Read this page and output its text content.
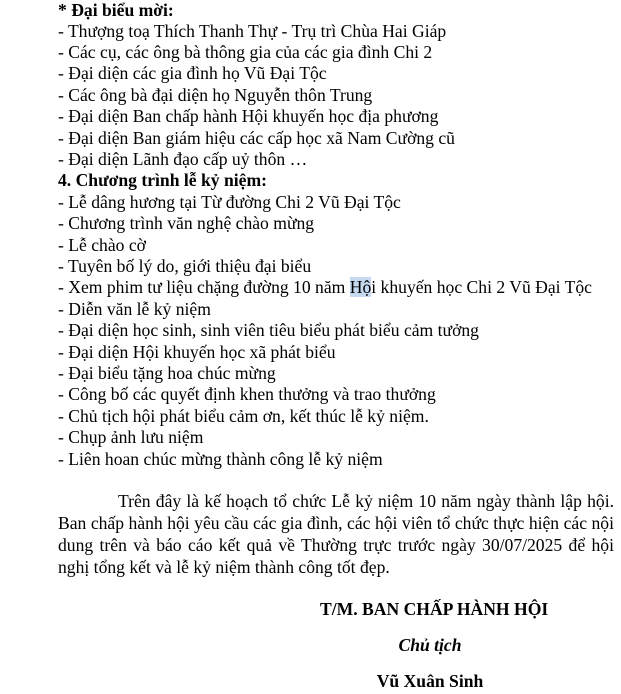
* Đại biểu mời:
- Thượng toạ Thích Thanh Thự - Trụ trì Chùa Hai Giáp
- Các cụ, các ông bà thông gia của các gia đình Chi 2
- Đại diện các gia đình họ Vũ Đại Tộc
- Các ông bà đại diện họ Nguyễn thôn Trung
- Đại diện Ban chấp hành Hội khuyến học địa phương
- Đại diện Ban giám hiệu các cấp học xã Nam Cường cũ
- Đại diện Lãnh đạo cấp uỷ thôn …
4. Chương trình lễ kỷ niệm:
- Lễ dâng hương tại Từ đường Chi 2 Vũ Đại Tộc
- Chương trình văn nghệ chào mừng
- Lễ chào cờ
- Tuyên bố lý do, giới thiệu đại biểu
- Xem phim tư liệu chặng đường 10 năm Hội khuyến học Chi 2 Vũ Đại Tộc
- Diễn văn lễ kỷ niệm
- Đại diện học sinh, sinh viên tiêu biểu phát biểu cảm tưởng
- Đại diện Hội khuyến học xã phát biểu
- Đại biểu tặng hoa chúc mừng
- Công bố các quyết định khen thưởng và trao thưởng
- Chủ tịch hội phát biểu cảm ơn, kết thúc lễ kỷ niệm.
- Chụp ảnh lưu niệm
- Liên hoan chúc mừng thành công lễ kỷ niệm
Trên đây là kế hoạch tổ chức Lễ kỷ niệm 10 năm ngày thành lập hội. Ban chấp hành hội yêu cầu các gia đình, các hội viên tổ chức thực hiện các nội dung trên và báo cáo kết quả về Thường trực trước ngày 30/07/2025 để hội nghị tổng kết và lễ kỷ niệm thành công tốt đẹp.
T/M. BAN CHẤP HÀNH HỘI
Chủ tịch
Vũ Xuân Sinh
